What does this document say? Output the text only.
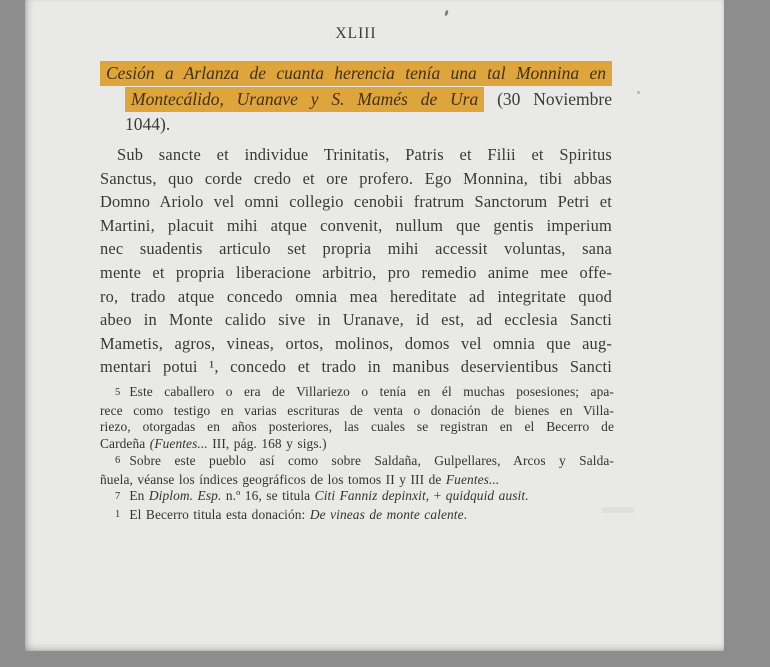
XLIII
Cesión a Arlanza de cuanta herencia tenía una tal Monnina en
Montecálido, Uranave y S. Mamés de Ura (30 Noviembre
1044).
Sub sancte et individue Trinitatis, Patris et Filii et Spiritus
Sanctus, quo corde credo et ore profero. Ego Monnina, tibi abbas
Domno Ariolo vel omni collegio cenobii fratrum Sanctorum Petri et
Martini, placuit mihi atque convenit, nullum que gentis imperium
nec suadentis articulo set propria mihi accessit voluntas, sana
mente et propria liberacione arbitrio, pro remedio anime mee offe-
ro, trado atque concedo omnia mea hereditate ad integritate quod
abeo in Monte calido sive in Uranave, id est, ad ecclesia Sancti
Mametis, agros, vineas, ortos, molinos, domos vel omnia que aug-
mentari potui ¹, concedo et trado in manibus deservientibus Sancti
5 Este caballero o era de Villariezo o tenía en él muchas posesiones; apa-
rece como testigo en varias escrituras de venta o donación de bienes en Villa-
riezo, otorgadas en años posteriores, las cuales se registran en el Becerro de
Cardeña (Fuentes... III, pág. 168 y sigs.)
6 Sobre este pueblo así como sobre Saldaña, Gulpellares, Arcos y Salda-
ñuela, véanse los índices geográficos de los tomos II y III de Fuentes...
7 En Diplom. Esp. n.º 16, se titula Citi Fanniz depinxit, + quidquid ausit.
1 El Becerro titula esta donación: De vineas de monte calente.
